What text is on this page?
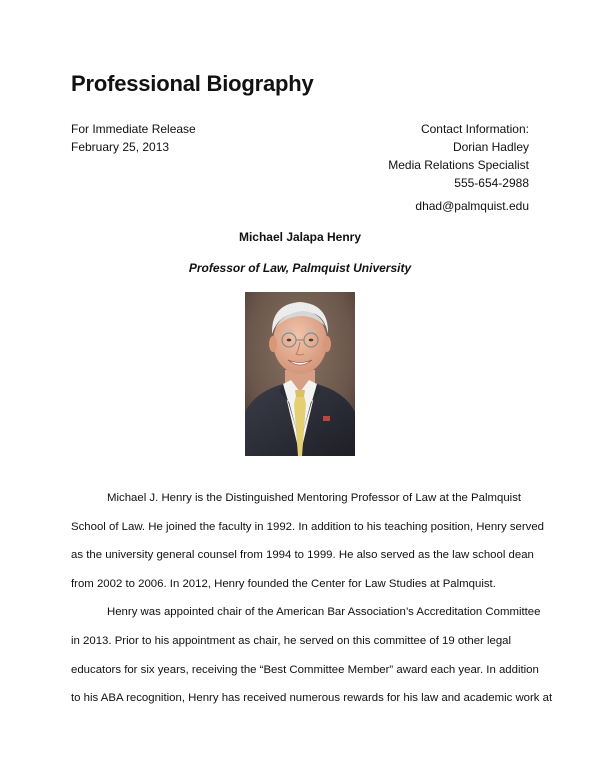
Professional Biography
For Immediate Release
February 25, 2013
Contact Information:
Dorian Hadley
Media Relations Specialist
555-654-2988
dhad@palmquist.edu
Michael Jalapa Henry
Professor of Law, Palmquist University
Michael J. Henry is the Distinguished Mentoring Professor of Law at the Palmquist
School of Law. He joined the faculty in 1992. In addition to his teaching position, Henry served
as the university general counsel from 1994 to 1999. He also served as the law school dean
from 2002 to 2006. In 2012, Henry founded the Center for Law Studies at Palmquist.
Henry was appointed chair of the American Bar Association’s Accreditation Committee
in 2013. Prior to his appointment as chair, he served on this committee of 19 other legal
educators for six years, receiving the “Best Committee Member” award each year. In addition
to his ABA recognition, Henry has received numerous rewards for his law and academic work at
